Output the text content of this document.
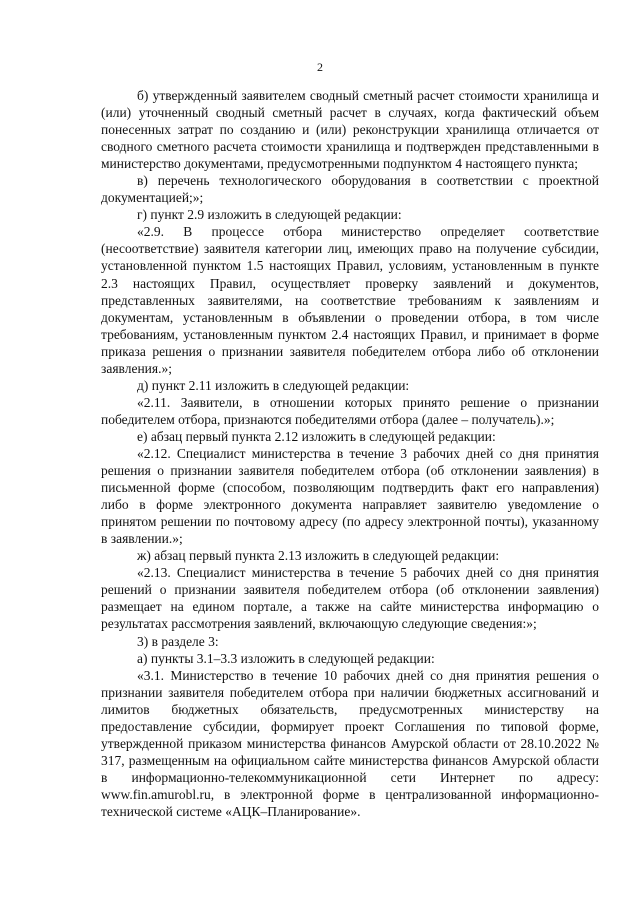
2

б) утвержденный заявителем сводный сметный расчет стоимости хранилища и (или) уточненный сводный сметный расчет в случаях, когда фактический объем понесенных затрат по созданию и (или) реконструкции хранилища отличается от сводного сметного расчета стоимости хранилища и подтвержден представленными в министерство документами, предусмотренными подпунктом 4 настоящего пункта;

в) перечень технологического оборудования в соответствии с проектной документацией;»;

г) пункт 2.9 изложить в следующей редакции:

«2.9. В процессе отбора министерство определяет соответствие (несоответствие) заявителя категории лиц, имеющих право на получение субсидии, установленной пунктом 1.5 настоящих Правил, условиям, установленным в пункте 2.3 настоящих Правил, осуществляет проверку заявлений и документов, представленных заявителями, на соответствие требованиям к заявлениям и документам, установленным в объявлении о проведении отбора, в том числе требованиям, установленным пунктом 2.4 настоящих Правил, и принимает в форме приказа решения о признании заявителя победителем отбора либо об отклонении заявления.»;

д) пункт 2.11 изложить в следующей редакции:

«2.11. Заявители, в отношении которых принято решение о признании победителем отбора, признаются победителями отбора (далее – получатель).»;

е) абзац первый пункта 2.12 изложить в следующей редакции:

«2.12. Специалист министерства в течение 3 рабочих дней со дня принятия решения о признании заявителя победителем отбора (об отклонении заявления) в письменной форме (способом, позволяющим подтвердить факт его направления) либо в форме электронного документа направляет заявителю уведомление о принятом решении по почтовому адресу (по адресу электронной почты), указанному в заявлении.»;

ж) абзац первый пункта 2.13 изложить в следующей редакции:

«2.13. Специалист министерства в течение 5 рабочих дней со дня принятия решений о признании заявителя победителем отбора (об отклонении заявления) размещает на едином портале, а также на сайте министерства информацию о результатах рассмотрения заявлений, включающую следующие сведения:»;

3) в разделе 3:

а) пункты 3.1–3.3 изложить в следующей редакции:

«3.1. Министерство в течение 10 рабочих дней со дня принятия решения о признании заявителя победителем отбора при наличии бюджетных ассигнований и лимитов бюджетных обязательств, предусмотренных министерству на предоставление субсидии, формирует проект Соглашения по типовой форме, утвержденной приказом министерства финансов Амурской области от 28.10.2022 № 317, размещенным на официальном сайте министерства финансов Амурской области в информационно-телекоммуникационной сети Интернет по адресу: www.fin.amurobl.ru, в электронной форме в централизованной информационно-технической системе «АЦК–Планирование».
